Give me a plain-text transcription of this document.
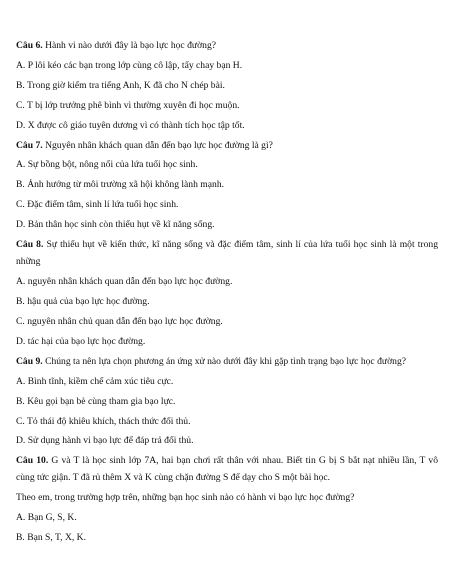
Câu 6. Hành vi nào dưới đây là bạo lực học đường?
A. P lôi kéo các bạn trong lớp cùng cô lập, tẩy chay bạn H.
B. Trong giờ kiểm tra tiếng Anh, K đã cho N chép bài.
C. T bị lớp trưởng phê bình vì thường xuyên đi học muộn.
D. X được cô giáo tuyên dương vì có thành tích học tập tốt.
Câu 7. Nguyên nhân khách quan dẫn đến bạo lực học đường là gì?
A. Sự bồng bột, nông nổi của lứa tuổi học sinh.
B. Ảnh hưởng từ môi trường xã hội không lành mạnh.
C. Đặc điểm tâm, sinh lí lứa tuổi học sinh.
D. Bản thân học sinh còn thiếu hụt về kĩ năng sống.
Câu 8. Sự thiếu hụt về kiến thức, kĩ năng sống và đặc điểm tâm, sinh lí của lứa tuổi học sinh là một trong những
A. nguyên nhân khách quan dẫn đến bạo lực học đường.
B. hậu quả của bạo lực học đường.
C. nguyên nhân chủ quan dẫn đến bạo lực học đường.
D. tác hại của bạo lực học đường.
Câu 9. Chúng ta nên lựa chọn phương án ứng xử nào dưới đây khi gặp tình trạng bạo lực học đường?
A. Bình tĩnh, kiềm chế cảm xúc tiêu cực.
B. Kêu gọi bạn bè cùng tham gia bạo lực.
C. Tỏ thái độ khiêu khích, thách thức đối thủ.
D. Sử dụng hành vi bạo lực để đáp trả đối thủ.
Câu 10. G và T là học sinh lớp 7A, hai bạn chơi rất thân với nhau. Biết tin G bị S bắt nạt nhiều lần, T vô cùng tức giận. T đã rủ thêm X và K cùng chặn đường S để dạy cho S một bài học.
Theo em, trong trường hợp trên, những bạn học sinh nào có hành vi bạo lực học đường?
A. Bạn G, S, K.
B. Bạn S, T, X, K.
